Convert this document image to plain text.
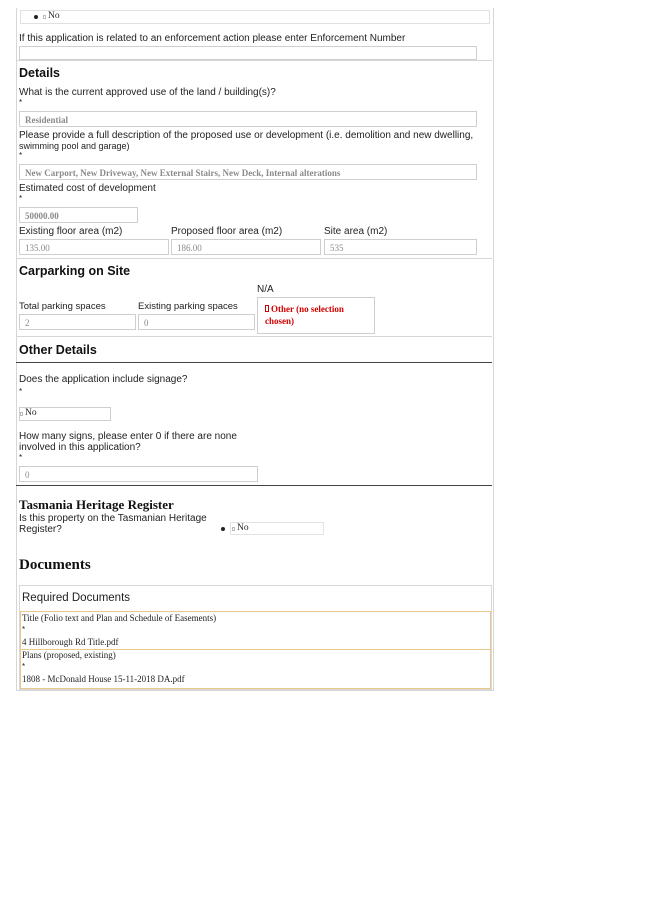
No
If this application is related to an enforcement action please enter Enforcement Number
Details
What is the current approved use of the land / building(s)?
*
Residential
Please provide a full description of the proposed use or development (i.e. demolition and new dwelling,
swimming pool and garage)
*
New Carport, New Driveway, New External Stairs, New Deck, Internal alterations
Estimated cost of development
*
50000.00
Existing floor area (m2)
135.00
Proposed floor area (m2)
186.00
Site area (m2)
535
Carparking on Site
N/A
Total parking spaces
2
Existing parking spaces
0
Other (no selection
chosen)
Other Details
Does the application include signage?
*
No
How many signs, please enter 0 if there are none
involved in this application?
*
0
Tasmania Heritage Register
Is this property on the Tasmanian Heritage
Register?	No
Documents
Required Documents
Title (Folio text and Plan and Schedule of Easements)
*
4 Hillborough Rd Title.pdf
Plans (proposed, existing)
*
1808 - McDonald House 15-11-2018 DA.pdf
